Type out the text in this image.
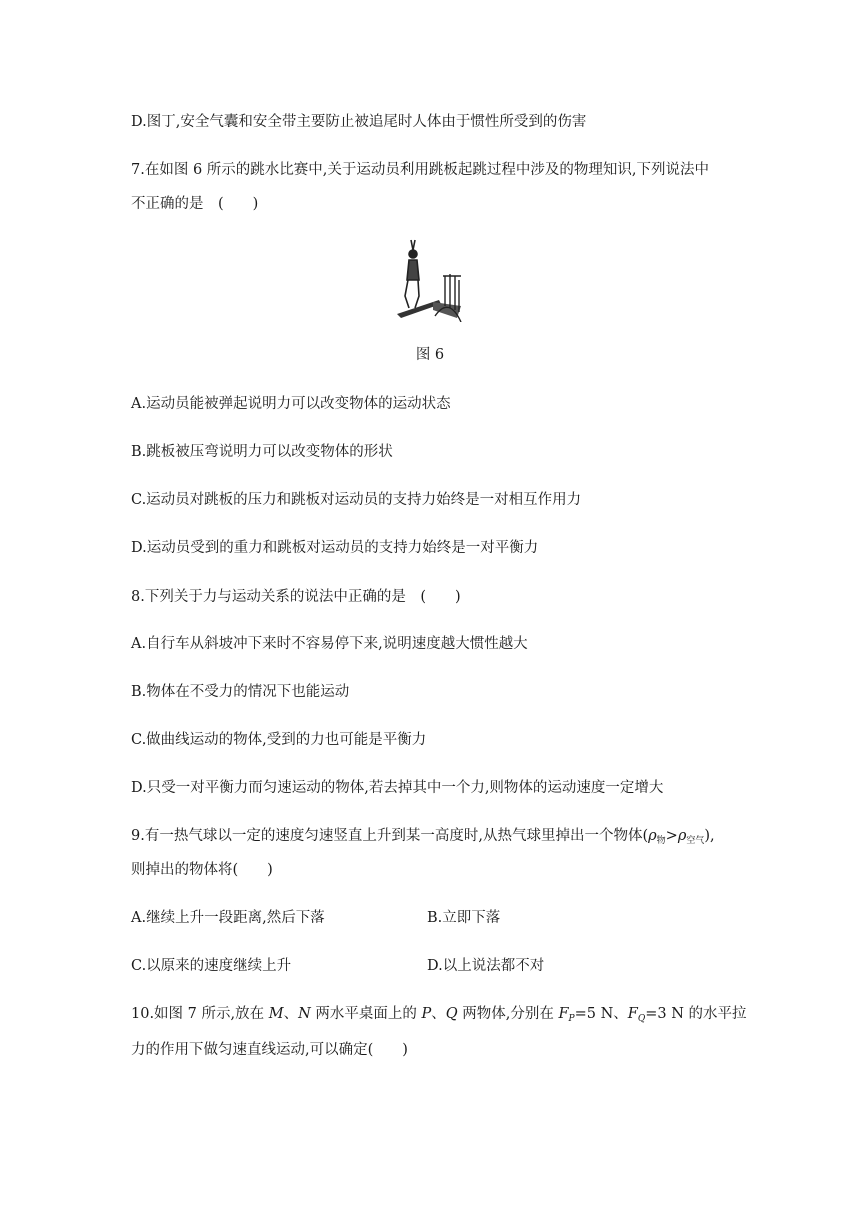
D.图丁,安全气囊和安全带主要防止被追尾时人体由于惯性所受到的伤害
7.在如图 6 所示的跳水比赛中,关于运动员利用跳板起跳过程中涉及的物理知识,下列说法中
不正确的是　(　　)
图 6
A.运动员能被弹起说明力可以改变物体的运动状态
B.跳板被压弯说明力可以改变物体的形状
C.运动员对跳板的压力和跳板对运动员的支持力始终是一对相互作用力
D.运动员受到的重力和跳板对运动员的支持力始终是一对平衡力
8.下列关于力与运动关系的说法中正确的是　(　　)
A.自行车从斜坡冲下来时不容易停下来,说明速度越大惯性越大
B.物体在不受力的情况下也能运动
C.做曲线运动的物体,受到的力也可能是平衡力
D.只受一对平衡力而匀速运动的物体,若去掉其中一个力,则物体的运动速度一定增大
9.有一热气球以一定的速度匀速竖直上升到某一高度时,从热气球里掉出一个物体$(\rho_物>\rho_{空气})$,
则掉出的物体将(　　)
A.继续上升一段距离,然后下落	B.立即下落
C.以原来的速度继续上升	D.以上说法都不对
10.如图 7 所示,放在 M、N 两水平桌面上的 P、Q 两物体,分别在 $F_P=5$ N、$F_Q=3$ N 的水平拉
力的作用下做匀速直线运动,可以确定(　　)
